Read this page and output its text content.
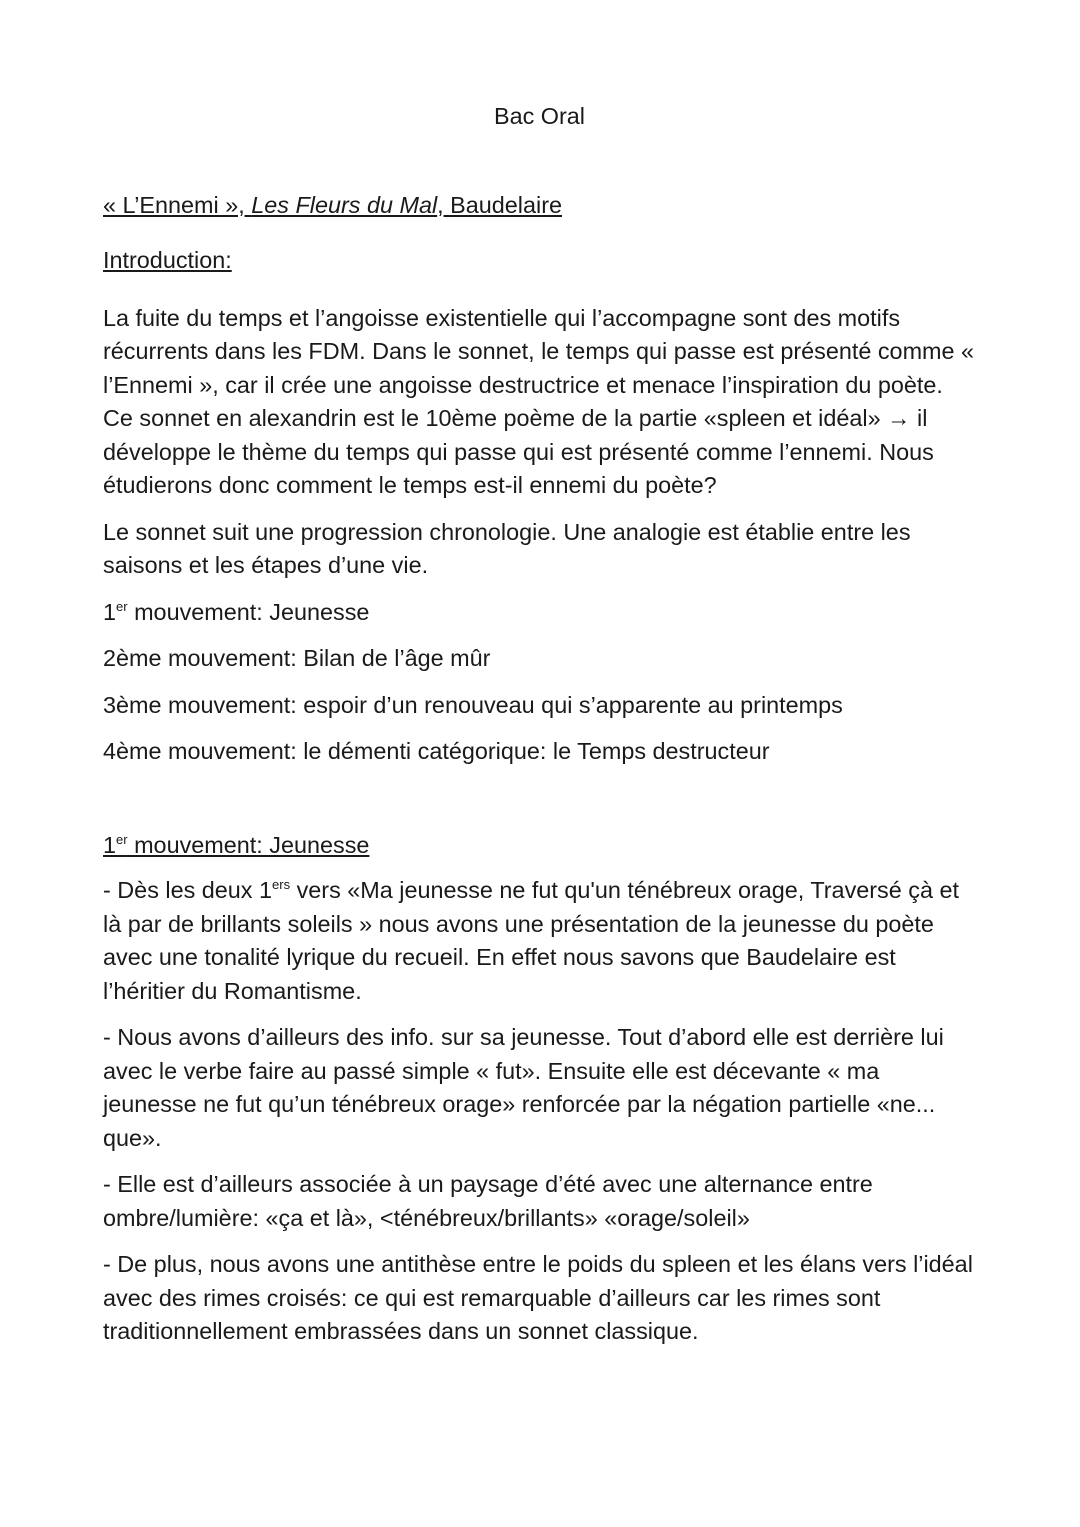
Bac Oral
« L’Ennemi », Les Fleurs du Mal, Baudelaire
Introduction:

La fuite du temps et l’angoisse existentielle qui l’accompagne sont des motifs récurrents dans les FDM. Dans le sonnet, le temps qui passe est présenté comme « l’Ennemi », car il crée une angoisse destructrice et menace l’inspiration du poète. Ce sonnet en alexandrin est le 10ème poème de la partie «spleen et idéal» → il développe le thème du temps qui passe qui est présenté comme l’ennemi. Nous étudierons donc comment le temps est-il ennemi du poète?

Le sonnet suit une progression chronologie. Une analogie est établie entre les saisons et les étapes d’une vie.

1er mouvement: Jeunesse

2ème mouvement: Bilan de l’âge mûr

3ème mouvement: espoir d’un renouveau qui s’apparente au printemps

4ème mouvement: le démenti catégorique: le Temps destructeur

1er mouvement: Jeunesse

- Dès les deux 1ers vers «Ma jeunesse ne fut qu'un ténébreux orage, Traversé çà et là par de brillants soleils » nous avons une présentation de la jeunesse du poète avec une tonalité lyrique du recueil. En effet nous savons que Baudelaire est l’héritier du Romantisme.

- Nous avons d’ailleurs des info. sur sa jeunesse. Tout d’abord elle est derrière lui avec le verbe faire au passé simple « fut». Ensuite elle est décevante « ma jeunesse ne fut qu’un ténébreux orage» renforcée par la négation partielle «ne... que».

- Elle est d’ailleurs associée à un paysage d’été avec une alternance entre ombre/lumière: «ça et là», <ténébreux/brillants» «orage/soleil»

- De plus, nous avons une antithèse entre le poids du spleen et les élans vers l’idéal avec des rimes croisés: ce qui est remarquable d’ailleurs car les rimes sont traditionnellement embrassées dans un sonnet classique.
